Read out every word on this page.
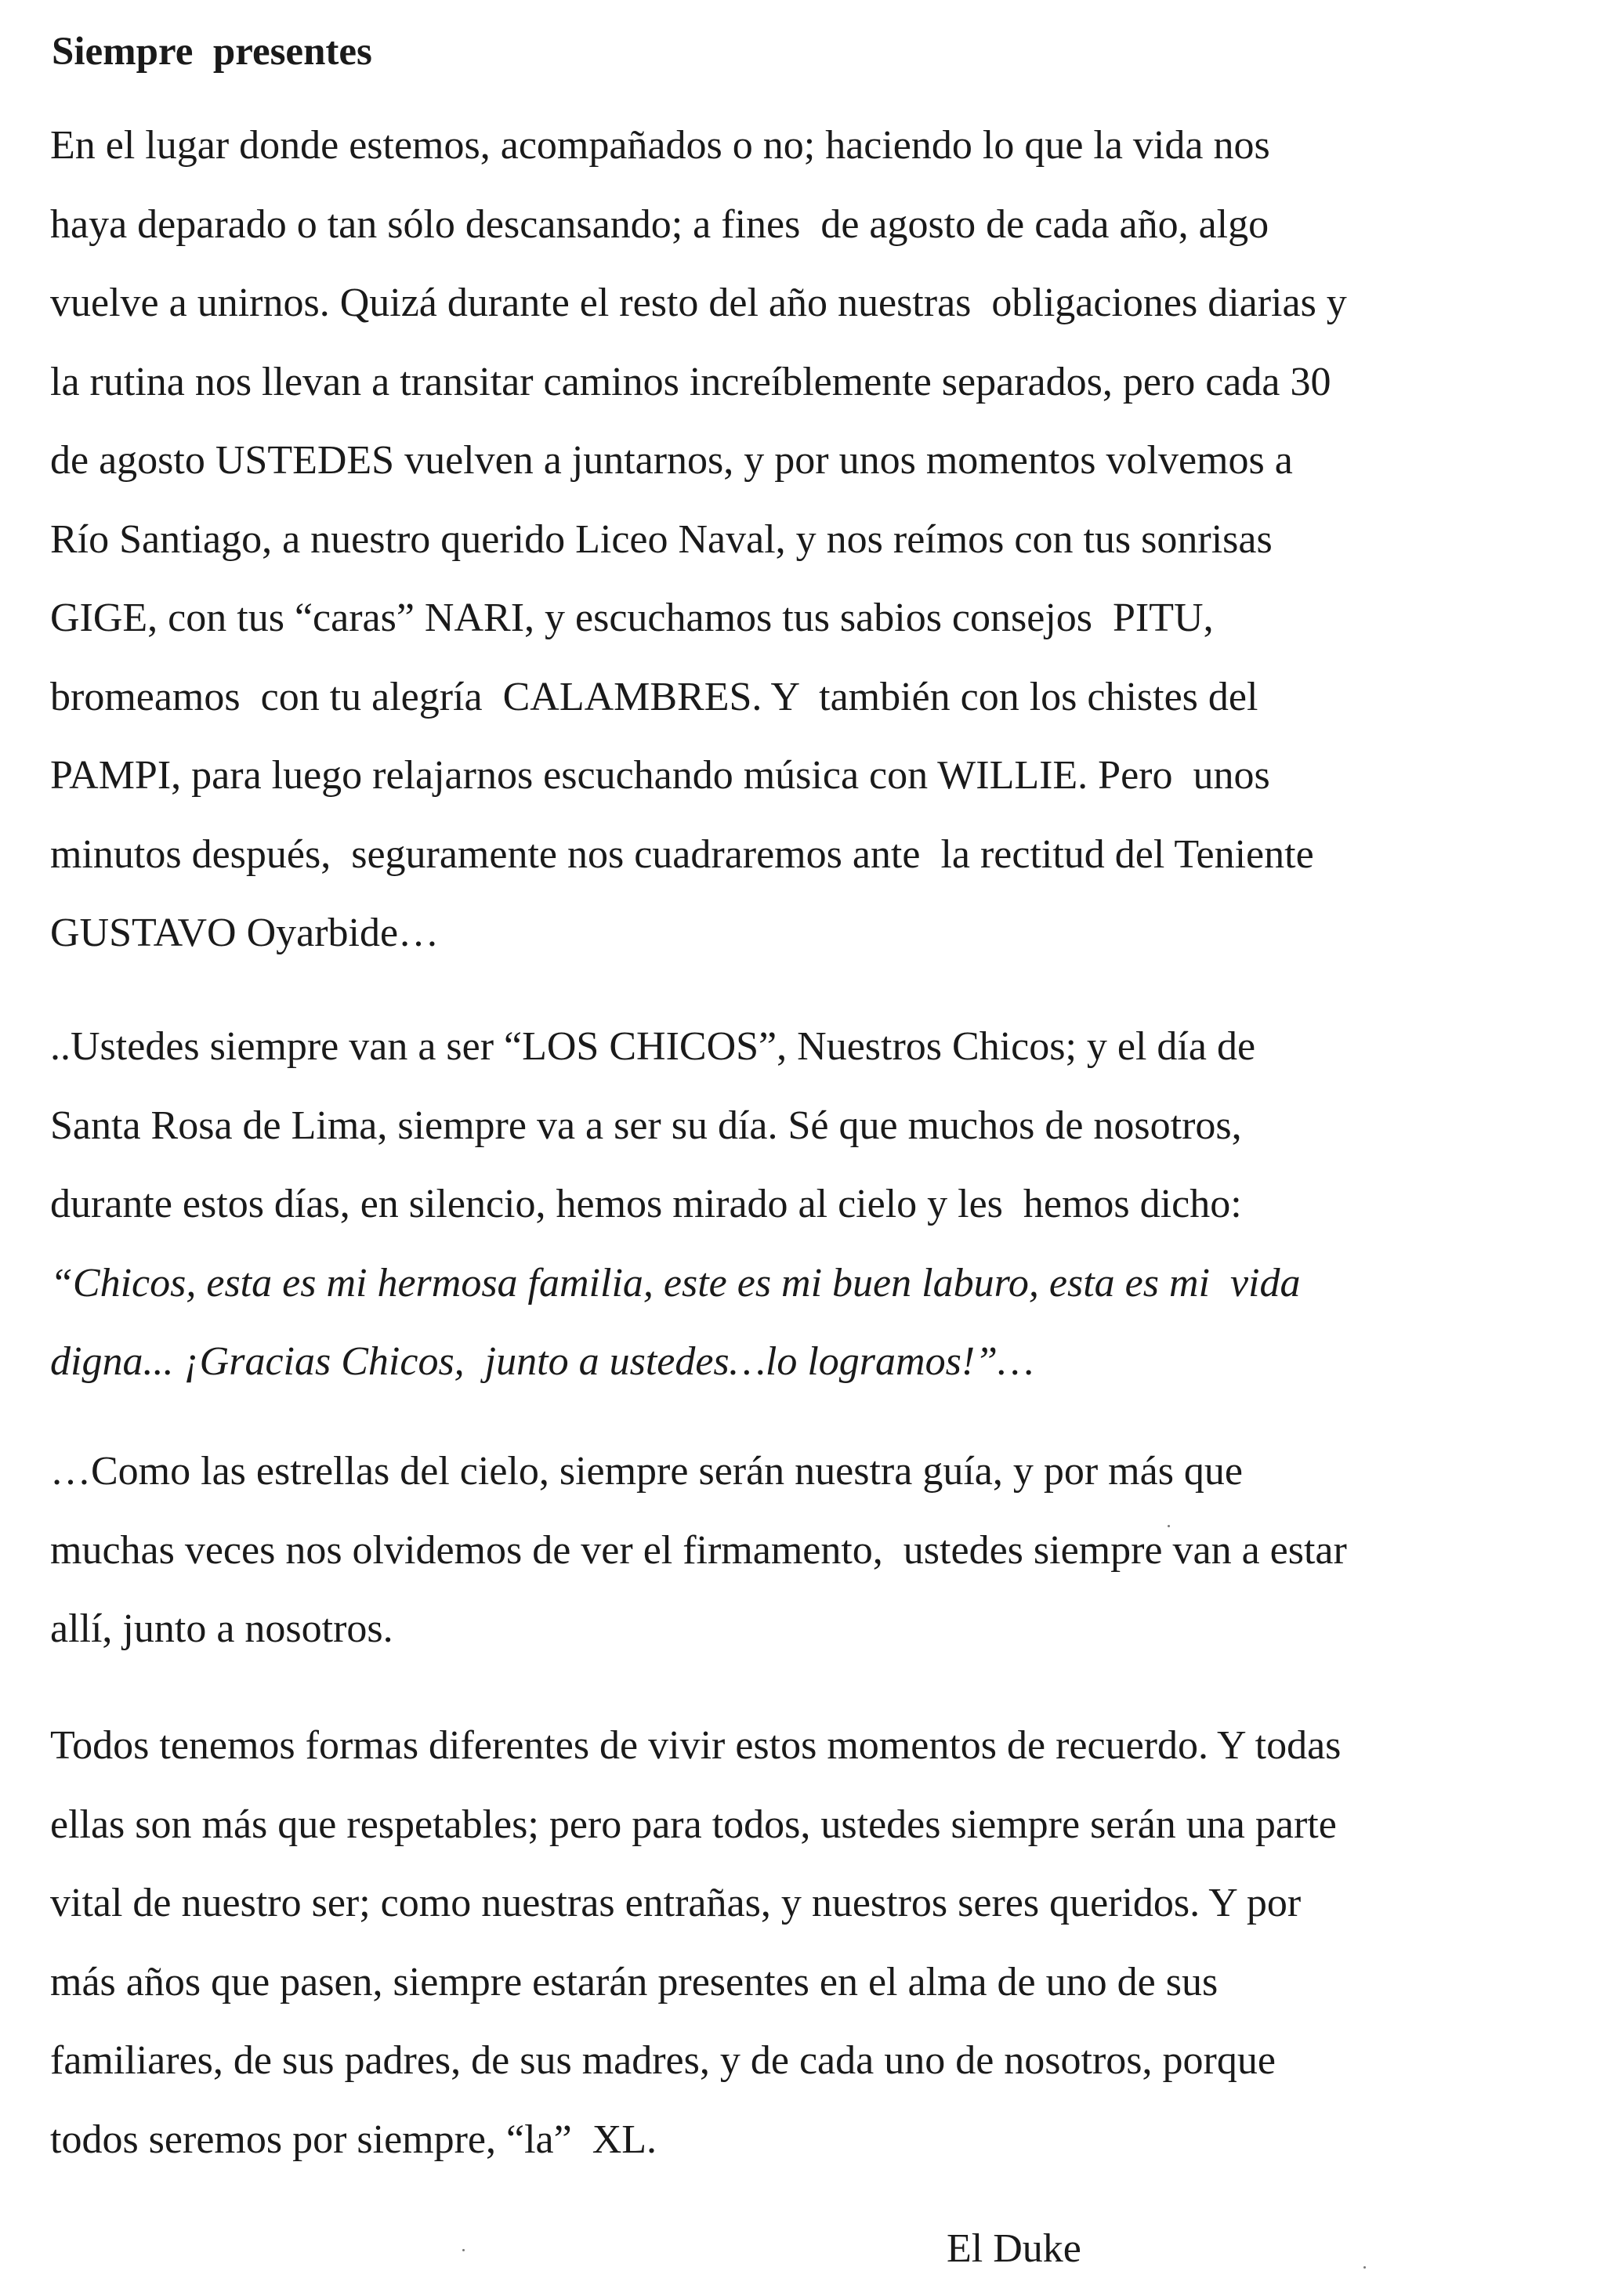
Siempre  presentes
En el lugar donde estemos, acompañados o no; haciendo lo que la vida nos
haya deparado o tan sólo descansando; a fines  de agosto de cada año, algo
vuelve a unirnos. Quizá durante el resto del año nuestras  obligaciones diarias y
la rutina nos llevan a transitar caminos increíblemente separados, pero cada 30
de agosto USTEDES vuelven a juntarnos, y por unos momentos volvemos a
Río Santiago, a nuestro querido Liceo Naval, y nos reímos con tus sonrisas
GIGE, con tus “caras” NARI, y escuchamos tus sabios consejos  PITU,
bromeamos  con tu alegría  CALAMBRES. Y  también con los chistes del
PAMPI, para luego relajarnos escuchando música con WILLIE. Pero  unos
minutos después,  seguramente nos cuadraremos ante  la rectitud del Teniente
GUSTAVO Oyarbide…
..Ustedes siempre van a ser “LOS CHICOS”, Nuestros Chicos; y el día de
Santa Rosa de Lima, siempre va a ser su día. Sé que muchos de nosotros,
durante estos días, en silencio, hemos mirado al cielo y les  hemos dicho:
“Chicos, esta es mi hermosa familia, este es mi buen laburo, esta es mi  vida
digna... ¡Gracias Chicos,  junto a ustedes…lo logramos!”…
…Como las estrellas del cielo, siempre serán nuestra guía, y por más que
muchas veces nos olvidemos de ver el firmamento,  ustedes siempre van a estar
allí, junto a nosotros.
Todos tenemos formas diferentes de vivir estos momentos de recuerdo. Y todas
ellas son más que respetables; pero para todos, ustedes siempre serán una parte
vital de nuestro ser; como nuestras entrañas, y nuestros seres queridos. Y por
más años que pasen, siempre estarán presentes en el alma de uno de sus
familiares, de sus padres, de sus madres, y de cada uno de nosotros, porque
todos seremos por siempre, “la”  XL.
El Duke
